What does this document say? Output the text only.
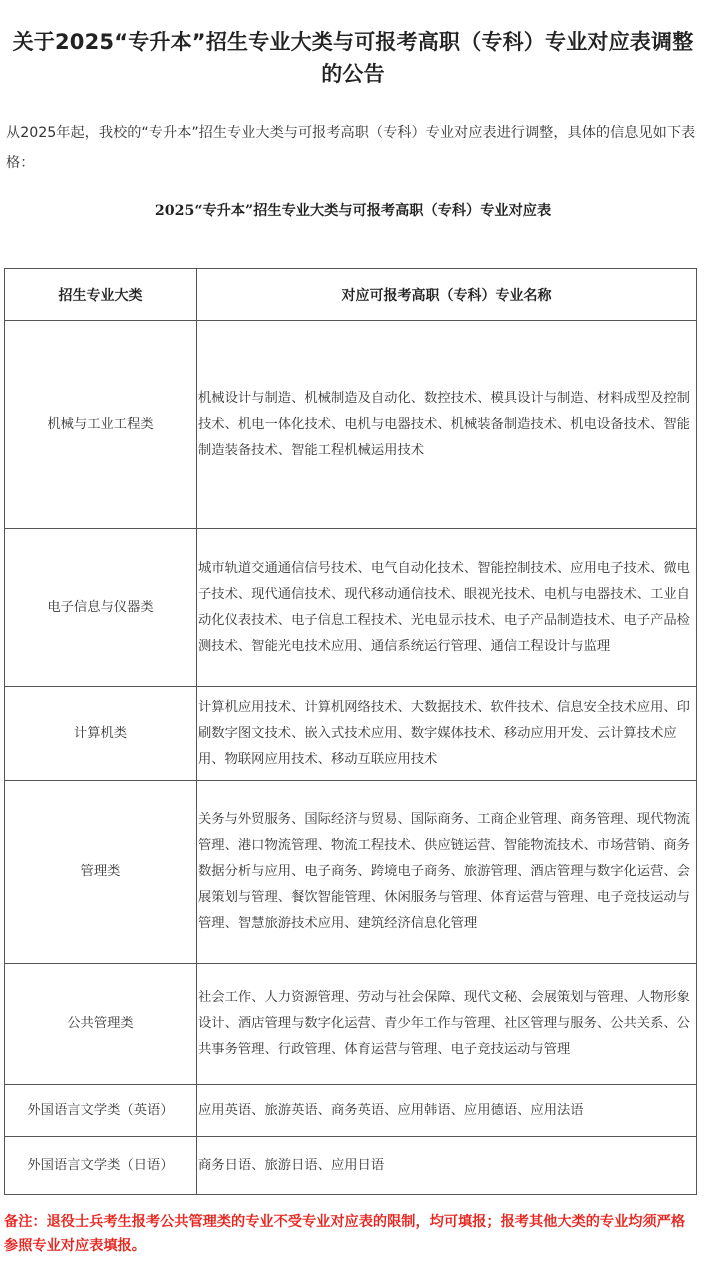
关于2025“专升本”招生专业大类与可报考高职（专科）专业对应表调整的公告

从2025年起，我校的“专升本”招生专业大类与可报考高职（专科）专业对应表进行调整，具体的信息见如下表格：

2025“专升本”招生专业大类与可报考高职（专科）专业对应表

招生专业大类	对应可报考高职（专科）专业名称
机械与工业工程类	机械设计与制造、机械制造及自动化、数控技术、模具设计与制造、材料成型及控制技术、机电一体化技术、电机与电器技术、机械装备制造技术、机电设备技术、智能制造装备技术、智能工程机械运用技术
电子信息与仪器类	城市轨道交通通信信号技术、电气自动化技术、智能控制技术、应用电子技术、微电子技术、现代通信技术、现代移动通信技术、眼视光技术、电机与电器技术、工业自动化仪表技术、电子信息工程技术、光电显示技术、电子产品制造技术、电子产品检测技术、智能光电技术应用、通信系统运行管理、通信工程设计与监理
计算机类	计算机应用技术、计算机网络技术、大数据技术、软件技术、信息安全技术应用、印刷数字图文技术、嵌入式技术应用、数字媒体技术、移动应用开发、云计算技术应用、物联网应用技术、移动互联应用技术
管理类	关务与外贸服务、国际经济与贸易、国际商务、工商企业管理、商务管理、现代物流管理、港口物流管理、物流工程技术、供应链运营、智能物流技术、市场营销、商务数据分析与应用、电子商务、跨境电子商务、旅游管理、酒店管理与数字化运营、会展策划与管理、餐饮智能管理、休闲服务与管理、体育运营与管理、电子竞技运动与管理、智慧旅游技术应用、建筑经济信息化管理
公共管理类	社会工作、人力资源管理、劳动与社会保障、现代文秘、会展策划与管理、人物形象设计、酒店管理与数字化运营、青少年工作与管理、社区管理与服务、公共关系、公共事务管理、行政管理、体育运营与管理、电子竞技运动与管理
外国语言文学类（英语）	应用英语、旅游英语、商务英语、应用韩语、应用德语、应用法语
外国语言文学类（日语）	商务日语、旅游日语、应用日语

备注：退役士兵考生报考公共管理类的专业不受专业对应表的限制，均可填报；报考其他大类的专业均须严格参照专业对应表填报。
